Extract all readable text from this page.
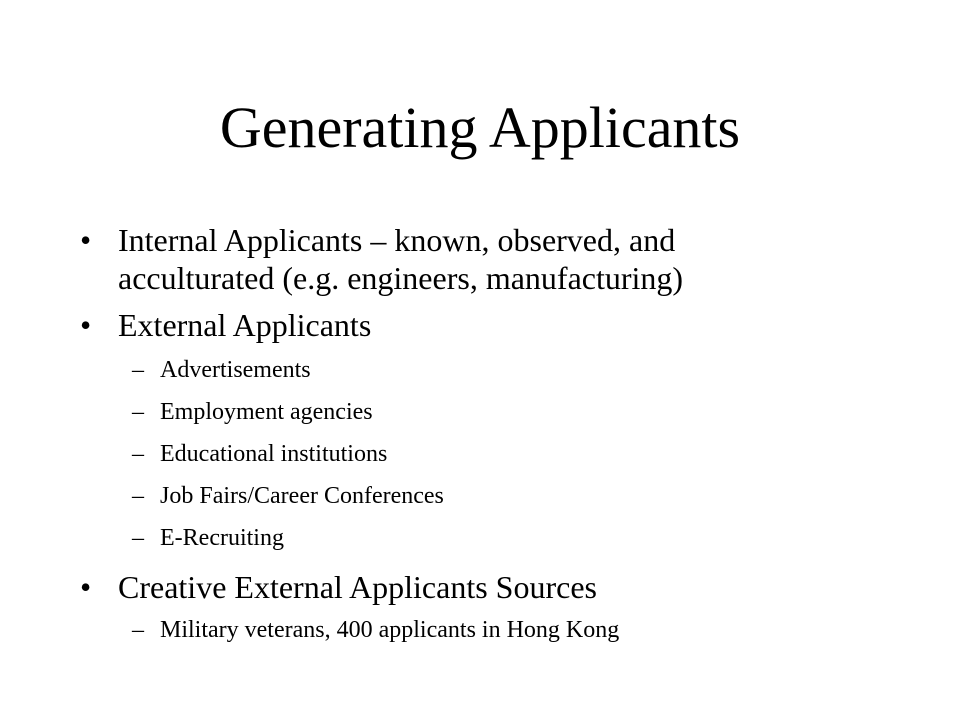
Generating Applicants
• Internal Applicants – known, observed, and acculturated (e.g. engineers, manufacturing)
• External Applicants
– Advertisements
– Employment agencies
– Educational institutions
– Job Fairs/Career Conferences
– E-Recruiting
• Creative External Applicants Sources
– Military veterans, 400 applicants in Hong Kong
